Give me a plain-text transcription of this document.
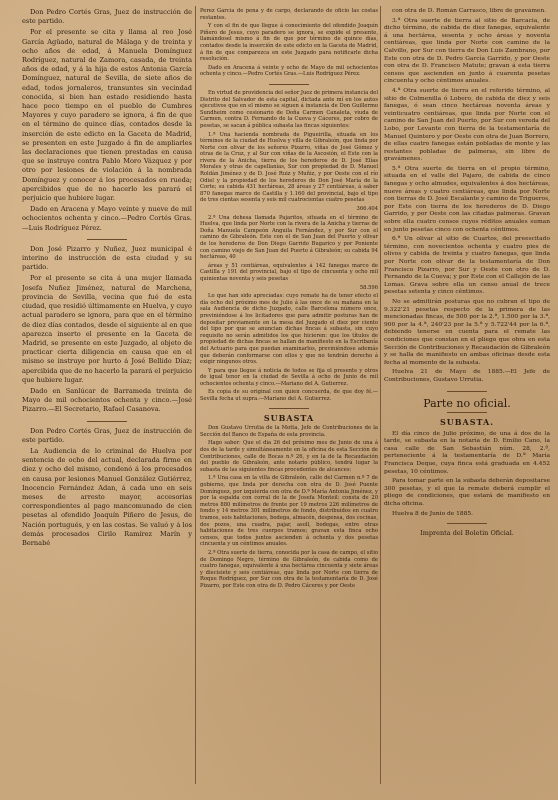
Don Pedro Cortés Gras, Juez de instrucción de este partido.

Por el presente se cita y llama al reo José García Agüado, natural de Málaga y de treinta y ocho años de edad, á Manuela Domínguez Rodríguez, natural de Zamora, casada, de treinta años de edad, y á la hija de estos Antonia García Domínguez, natural de Sevilla, de siete años de edad, todos jornaleros, tr​ansuntes sin vecindad conocida, si bien han estado residiendo hasta hace poco tiempo en el pueblo de Cumbres Mayores y cuyo paradero se ignora, á fin de que en el término de quince días, contados desde la inserción de este edicto en la Gaceta de Madrid, se presenten en este Juzgado á fin de ampliarles las declaraciones que tienen prestadas en causa que se instruye contra Pablo Moro Vázquez y por otro por lesiones de violación á la nombrada Domínguez y conocer á los procesados en rueda; apercibidos que de no hacerlo les parará el perjuicio que hubiere lugar.

Dado en Aracena y Mayo veinte y nueve de mil ochocientos ochenta y cinco.—Pedro Cortés Gras.—Luis Rodríguez Pérez.

Don José Pizarro y Nuñez, Juez municipal é interino de instrucción de esta ciudad y su partido.

Por el presente se cita á una mujer llamada Josefa Nuñez Jiménez, natural de Marchena, provincia de Sevilla, vecina que fué de esta ciudad, que residió últimamente en Huelva, y cuyo actual paradero se ignora, para que en el término de diez días contados, desde el siguiente al en que aparezca inserto el presente en la Gaceta de Madrid, se presente en este Juzgado, al objeto de practicar cierta diligencia en causa que en el mismo se instruye por hurto á José Bellido Díaz; apercibida que de no hacerlo la parará el perjuicio que hubiere lugar.

Dado en Sanlúcar de Barrameda treinta de Mayo de mil ochocientos ochenta y cinco.—José Pizarro.—El Secretario, Rafael Casanova.

Don Pedro Cortés Gras, Juez de instrucción de este partido.

La Audiencia de lo criminal de Huelva por sentencia de ocho del actual, declarada firme en diez y ocho del mismo, condenó á los procesados en causa por lesiones Manuel González Gutiérrez, Inocencio Fernández Adan, á cada uno en seis meses de arresto mayor, accesorias correspondientes al pago mancomunado de cien pesetas al ofendido Joaquín Piñero de Jesus, de Nación portugués, y en las costas. Se valuó y á los demás procesados Cirilo Ramírez Marín y Bernabé

Perez García de pena y de cargo, declarando de oficio las costas restantes.

Y con el fin de que llegue á conocimiento del ofendido Joaquín Piñero de Jesus, cuyo paradero se ignora, se expide el presente, llamándosel mismo á fin de que por término de quince días, contados desde la inserción de este edicto en la Gaceta de Madrid, á fin de que comparezca en este Juzgado para notificarle dicha resolución.

Dado en Aracena á veinte y ocho de Mayo de mil ochocientos ochenta y cinco.—Pedro Cortés Gras.—Luis Rodríguez Pérez.

En virtud de providencia del señor Juez de primera instancia del Distrito del Salvador de esta capital, dictada ante mí en los autos ejecutivos que en el mismo se siguen á instancia de Don Guillermo Sundheim como cesionario de Doña Carmen Canaleta, viuda de Carmen, contra D. Fernando de la Cueva y Cáceres, por cobro de pesetas, se sacan á pública subasta las fincas siguientes:

1.ª Una hacienda nombrada de Pigueirilla, situada en los términos de la ciudad de Huelva y villa de Gibraleón, que linda por Norte con olivar de los señores Pizarro, viñas de José Gómez y otras de la Cruz, y al Sur con viñas de la Ascosión, el Este con la rivera de la Anicha, tierra de los herederos de D. José Elías Morales y otras de capellanías, Sur con propiedad de D. Manuel Roldán Jiménez y de D. José Ruiz y Muñiz, y por Oeste con el río Odiel y la propiedad de los herederos de Don José María de la Corte; su cabida 431 hectáreas, 28 áreas y 27 centiáreas, á saber 870 fanegas marco de Castilla y 1.160 del provincial, bajo el tipo de tres cientas sesenta y seis mil cuatrocientas cuatro pesetas

366.404

2.ª Una dehesa llamada Pajaritos, situada en el término de Huelva, que linda por Norte con la rivera de la Anicha y tierras de Doña Manuela Campeón Anguila Fernández, y por Sur con el camino de Gibraleón. Este con el de San Juan del Puerto y olivar de los herederos de Don Diego Garrido Bugarico y por Poniente con camino viejo de San Juan del Puerto á Gibraleón; su cabida 94 hectáreas, 40

áreas y 51 centiáreas, equivalentes á 142 fanegas marco de Castilla y 191 del provincial, bajo el tipo de cincuenta y ocho mil quinientas noventa y seis pesetas

58.596

Lo que han sido apreciadas: cuyo remate ha de tener efecto el día ocho del próximo mes de Julio á las once de su mañana en la sala Audiencia de dicho Juzgado, calle Barcelona número once, previniéndose á los licitadores que para admitir posturas han de depositar previamente en la mesa del Juzgado el diez por ciento del tipo por que se anuncian dichas fincas á subasta, sin cuyo requisito no serán admitidos los que hicieren: que los títulos de propiedad de dichas fincas se hallan de manifiesto en la Escribanía del Actuario para que puedan examinarlos, previniéndose además que deberán conformarse con ellos y que no tendrán derecho á exigir ningunos otros.

Y para que llegue á noticia de todos se fija el presente y otros de igual tenor en la ciudad de Sevilla á ocho de Junio de mil ochocientos ochenta y cinco.—Mariano del A. Gutierrez.

Es copia de su original con quien concuerda, de que doy fé.—Sevilla fecha ut supra.—Mariano del A. Gutierrez.

SUBASTA

Don Gustavo Urrutia de la Motta, Jefe de Contribuciones de la Sección del Banco de España de esta provincia.

Hago saber: Que el dia 26 del próximo mes de Junio de una á dos de la tarde y simultáneamente en la oficina de esta Sección de Contribuciones, calle de Bocas n.º 26, y en la de la Recaudación del pueblo de Gibraleón, ante notario público, tendrá lugar la subasta de las siguientes fincas procedentes de alcances:

1.ª Una casa en la villa de Gibraleón, calle del Carmen n.º 7 de gobierno, que linda por derecha con otra de D. José Puente Domínguez, por izquierda con otra de D.ª María Antonia Jiménez, y por la espalda con corral de la de Josefa Monteil: consta de 20 metros 880 milímetros de frente por 19 metros 226 milímetros de fondo y 14 metros 301 milímetros de fondo, distribuidos en cuatro tramos, seis habitaciones, bodega, almacén, despensa, dos cocinas, dos pozos, una cuadra, pajar, asoll, bodegas, entre otras habitaciones de tres cuerpos tramos; gravan esta finca ocho censos, que todos juntos ascienden á ochenta y dos pesetas cincuenta y un céntimos anuales.

2.ª Otra suerte de tierra, conocida por la casa de campo, el sitio de Domingo Negro, término de Gibraleón, de cabida como de cuatro fanegas, equivalente á una hectárea cincuenta y siete áreas y diecisiete y seis centiáreas, que linda por Norte con tierra de Roque Rodríguez, por Sur con otra de la testamentaría de D. José Pizarro, por Este con otra de D. Pedro Cáceres y por Oeste

con otra de D. Román Carrasco, libre de gravámen.

3.ª Otra suerte de tierra al sitio de Barcacia, de dicho término, de cabida de diez fanegas, equivalente á una hectárea, sesenta y ocho áreas y noventa centiáreas, que linda por Norte con camino de la Calvillo, por Sur con tierra de Don Luis Zambrano, por Este con otra de D. Pedro García Garrido, y por Oeste con otra de D. Francisco Matute; gravan á esta tierra censos que ascienden en junto á cuarenta pesetas cincuenta y ocho céntimos anuales.

4.ª Otra suerte de tierra en el referido término, al sitio de Colmenilla ó Lobero, de cabida de diez y seis fanegas, ó sean cinco hectáreas noventa áreas y veinticuatro centiáreas, que linda por Norte con el camino de San Juan del Puerto, por Sur con vereda del Lobo, por Levante con tierra de la testamentaría de Manuel Quintero y por Oeste con otra de Juan Borrero, de ellas cuatro fanegas están pobladas de monte y las restantes pobladas de palmeras, sin libre de gravámenes.

5.ª Otra suerte de tierra en el propio término, situada en el valle del Pajaro, de cabida de cinco fanegas y ocho almudes, equivalentes á dos hectáreas, nueve áreas y cuatro centiáreas, que linda por Norte con tierras de D. José Escalante y camino de Trigueros, por Este con tierra de los herederos de D. Diego Garrido, y por Oeste con las citadas palmeras. Gravan sobre ella cuatro censos cuyos réditos anuales suman en junto pesetas cinco con ochenta céntimos.

6.ª Un olivar al sitio de Cuartos, del preescitado término, con novecientos ochenta y cuatro pies de olivos y cabida de treinta y cuatro fanegas, que linda por Norte con olivar de la testamentaría de Don Francisco Pizarro, por Sur y Oeste con otro de D. Fernando de la Cueva; y por Este con el Callejón de las Lomas. Grava sobre ella un censo anual de trece pesetas setenta y cinco céntimos.

No se admitirán posturas que no cubran el tipo de 9.322'21 pesetas respecto de la primera de las mencionadas fincas, de 500 por la 2.ª, 1.500 por la 3.ª, 900 por la 4.ª, 240'23 por la 5.ª y 5.722'44 por la 6.ª, debiendo tenerse en cuenta para el remate las condiciones que constan en el pliego que obra en esta Sección de Contribuciones y Recaudación de Gibraleón y se halla de manifiesto en ambas oficinas desde esta fecha al momento de la subasta.

Huelva 21 de Mayo de 1885.—El Jefe de Contribuciones, Gustavo Urrutia.

Parte no oficial.
SUBASTA.

El día cinco de Julio próximo, de una á dos de la tarde, se subasta en la notaría de D. Emilio Cano, la casa calle de San Sebastián núm. 28, 2.º, perteneciente á la testamentaría de D.ª María Francisca Deque, cuya finca está graduada en 4.452 pesetas, 10 céntimos.

Para tomar parte en la subasta deberán depositarse 300 pesetas, y el que la remate deberá cumplir el pliego de condiciones, que estará de manifiesto en dicha oficina.

Huelva 8 de Junio de 1885.

Imprenta del Boletin Oficial.
